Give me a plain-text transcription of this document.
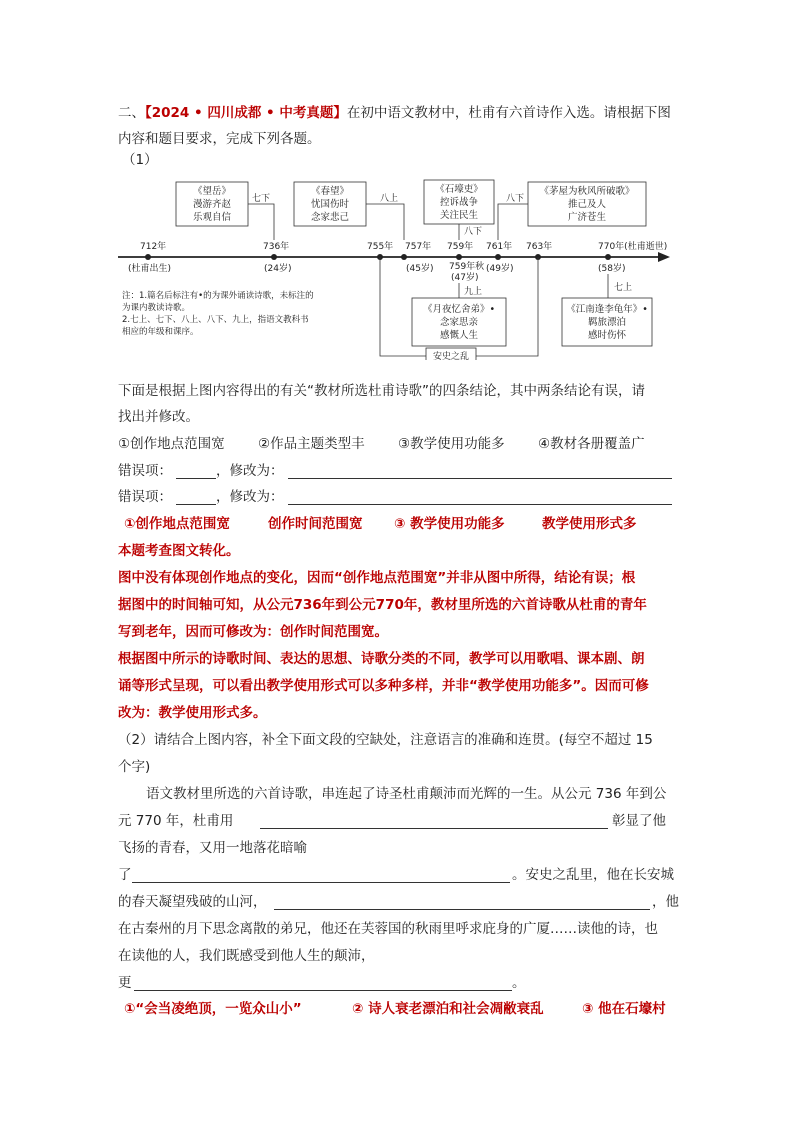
二、【2024 • 四川成都 • 中考真题】在初中语文教材中，杜甫有六首诗作入选。请根据下图
内容和题目要求，完成下列各题。
（1）
《望岳》
漫游齐赵
乐观自信
《春望》
忧国伤时
念家悲己
《石壕吏》
控诉战争
关注民生
《茅屋为秋风所破歌》
推己及人
广济苍生
七下	八上
八下
八下
712年	736年	755年 757年 759年 761年 763年	770年(杜甫逝世)
(杜甫出生)	(24岁)	(45岁) 759年秋
(47岁)
(49岁)	(58岁)
九上
《月夜忆舍弟》•
念家思亲
感慨人生
七上
《江南逢李龟年》•
羁旅漂泊
感时伤怀
安史之乱
注：1.篇名后标注有•的为课外诵读诗歌，未标注的
为课内教读诗歌。
2.七上、七下、八上、八下、九上，指语文教科书
相应的年级和课序。
下面是根据上图内容得出的有关“教材所选杜甫诗歌”的四条结论，其中两条结论有误，请
找出并修改。
①创作地点范围宽 ②作品主题类型丰 ③教学使用功能多 ④教材各册覆盖广
错误项：	，修改为：
错误项：	，修改为：
①创作地点范围宽	创作时间范围宽 ③ 教学使用功能多	教学使用形式多
本题考查图文转化。
图中没有体现创作地点的变化，因而“创作地点范围宽”并非从图中所得，结论有误；根
据图中的时间轴可知，从公元736年到公元770年，教材里所选的六首诗歌从杜甫的青年
写到老年，因而可修改为：创作时间范围宽。
根据图中所示的诗歌时间、表达的思想、诗歌分类的不同，教学可以用歌唱、课本剧、朗
诵等形式呈现，可以看出教学使用形式可以多种多样，并非“教学使用功能多”。因而可修
改为：教学使用形式多。
（2）请结合上图内容，补全下面文段的空缺处，注意语言的准确和连贯。(每空不超过 15
个字)
语文教材里所选的六首诗歌，串连起了诗圣杜甫颠沛而光辉的一生。从公元 736 年到公
元 770 年，杜甫用	彰显了他
飞扬的青春，又用一地落花暗喻
了	。安史之乱里，他在长安城
的春天凝望残破的山河，	，他
在古秦州的月下思念离散的弟兄，他还在芙蓉国的秋雨里呼求庇身的广厦……读他的诗，也
在读他的人，我们既感受到他人生的颠沛，
更	。
①“会当凌绝顶，一览众山小”	② 诗人衰老漂泊和社会凋敝衰乱	③ 他在石壕村
